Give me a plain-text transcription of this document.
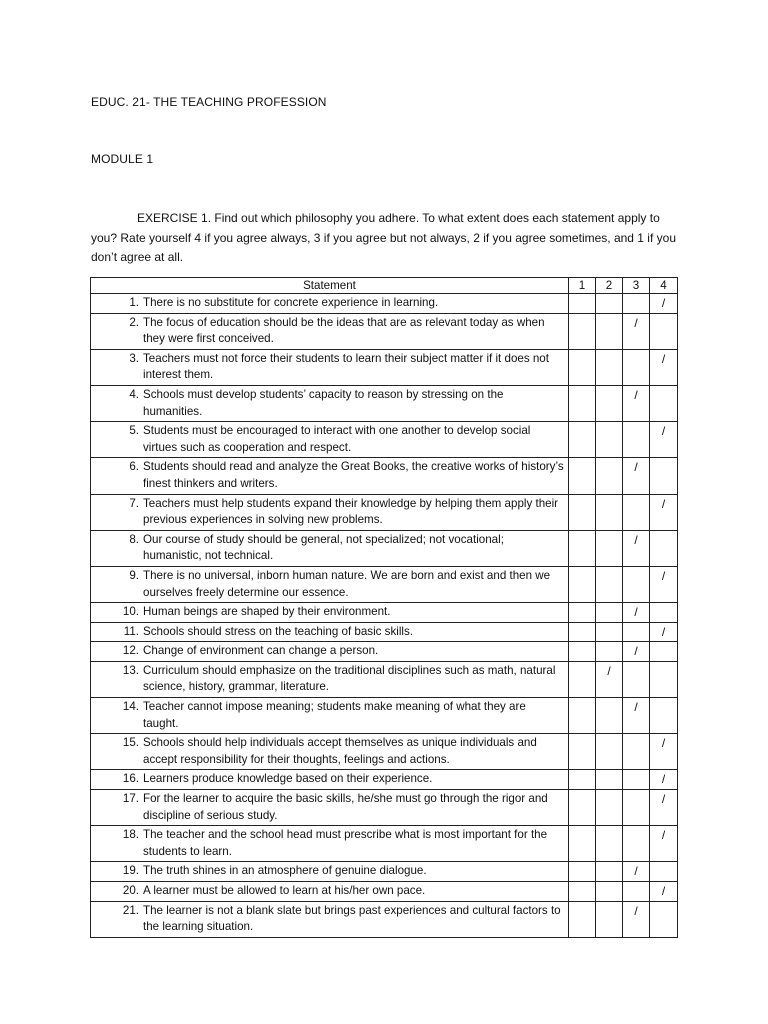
EDUC. 21- THE TEACHING PROFESSION
MODULE 1
EXERCISE 1. Find out which philosophy you adhere. To what extent does each statement apply to you? Rate yourself 4 if you agree always, 3 if you agree but not always, 2 if you agree sometimes, and 1 if you don’t agree at all.
Statement	1	2	3	4

1. There is no substitute for concrete experience in learning.				/

2. The focus of education should be the ideas that are as relevant today as when they were first conceived.			/	

3. Teachers must not force their students to learn their subject matter if it does not interest them.				/

4. Schools must develop students’ capacity to reason by stressing on the humanities.			/	

5. Students must be encouraged to interact with one another to develop social virtues such as cooperation and respect.				/

6. Students should read and analyze the Great Books, the creative works of history’s finest thinkers and writers.			/	

7. Teachers must help students expand their knowledge by helping them apply their previous experiences in solving new problems.				/

8. Our course of study should be general, not specialized; not vocational; humanistic, not technical.			/	

9. There is no universal, inborn human nature. We are born and exist and then we ourselves freely determine our essence.				/

10. Human beings are shaped by their environment.			/	

11. Schools should stress on the teaching of basic skills.				/

12. Change of environment can change a person.			/	

13. Curriculum should emphasize on the traditional disciplines such as math, natural science, history, grammar, literature.		/		

14. Teacher cannot impose meaning; students make meaning of what they are taught.			/	

15. Schools should help individuals accept themselves as unique individuals and accept responsibility for their thoughts, feelings and actions.				/

16. Learners produce knowledge based on their experience.				/

17. For the learner to acquire the basic skills, he/she must go through the rigor and discipline of serious study.				/

18. The teacher and the school head must prescribe what is most important for the students to learn.				/

19. The truth shines in an atmosphere of genuine dialogue.			/	

20. A learner must be allowed to learn at his/her own pace.				/

21. The learner is not a blank slate but brings past experiences and cultural factors to the learning situation.			/	
